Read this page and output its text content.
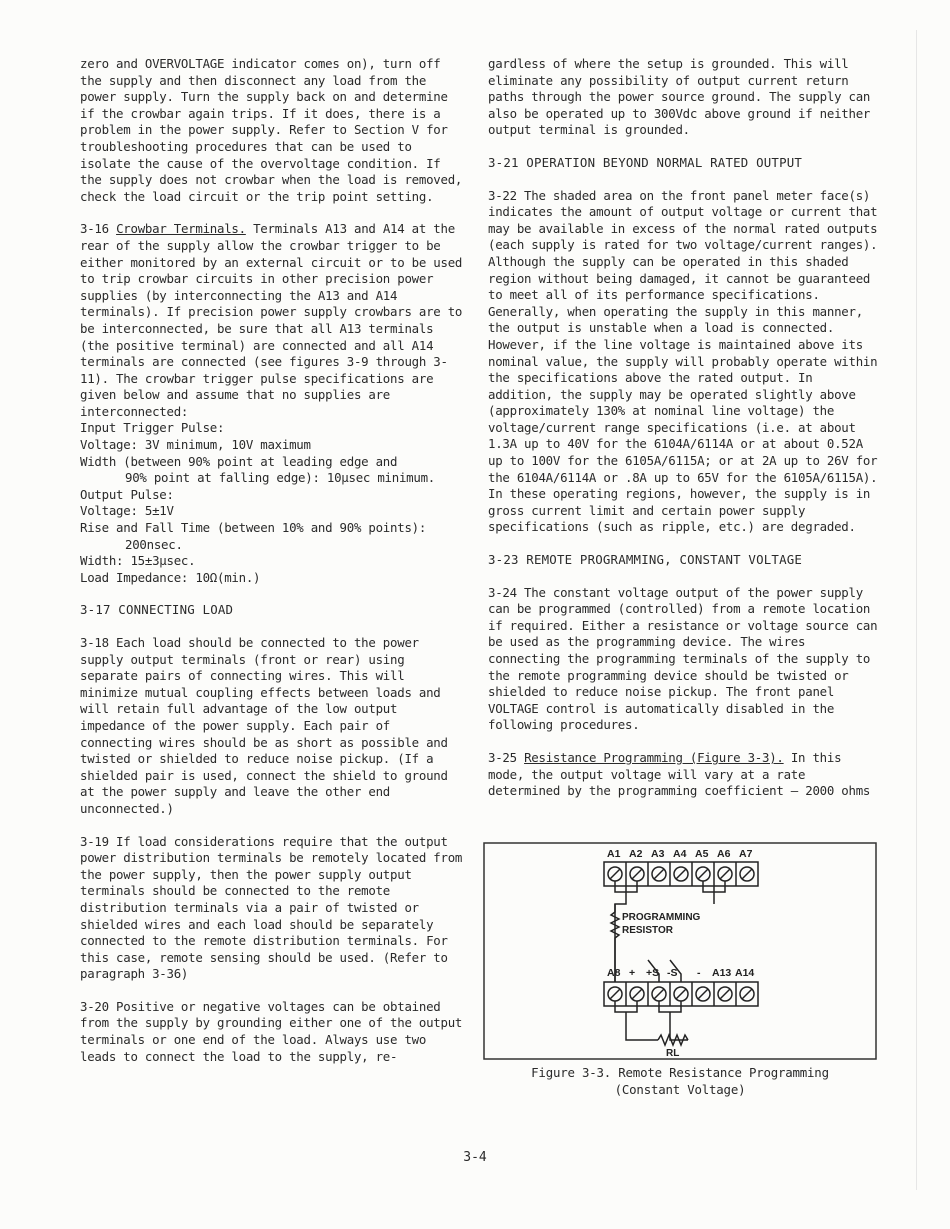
zero and OVERVOLTAGE indicator comes on), turn off the supply and then disconnect any load from the power supply. Turn the supply back on and determine if the crowbar again trips. If it does, there is a problem in the power supply. Refer to Section V for troubleshooting procedures that can be used to isolate the cause of the overvoltage condition. If the supply does not crowbar when the load is removed, check the load circuit or the trip point setting.

3-16 Crowbar Terminals. Terminals A13 and A14 at the rear of the supply allow the crowbar trigger to be either monitored by an external circuit or to be used to trip crowbar circuits in other precision power supplies (by interconnecting the A13 and A14 terminals). If precision power supply crowbars are to be interconnected, be sure that all A13 terminals (the positive terminal) are connected and all A14 terminals are connected (see figures 3-9 through 3-11). The crowbar trigger pulse specifications are given below and assume that no supplies are interconnected:

Input Trigger Pulse:

Voltage: 3V minimum, 10V maximum

Width (between 90% point at leading edge and

90% point at falling edge): 10μsec minimum.

Output Pulse:

Voltage: 5±1V

Rise and Fall Time (between 10% and 90% points):

200nsec.

Width: 15±3μsec.

Load Impedance: 10Ω(min.)

3-17 CONNECTING LOAD

3-18 Each load should be connected to the power supply output terminals (front or rear) using separate pairs of connecting wires. This will minimize mutual coupling effects between loads and will retain full advantage of the low output impedance of the power supply. Each pair of connecting wires should be as short as possible and twisted or shielded to reduce noise pickup. (If a shielded pair is used, connect the shield to ground at the power supply and leave the other end unconnected.)

3-19 If load considerations require that the output power distribution terminals be remotely located from the power supply, then the power supply output terminals should be connected to the remote distribution terminals via a pair of twisted or shielded wires and each load should be separately connected to the remote distribution terminals. For this case, remote sensing should be used. (Refer to paragraph 3-36)

3-20 Positive or negative voltages can be obtained from the supply by grounding either one of the output terminals or one end of the load. Always use two leads to connect the load to the supply, re-

gardless of where the setup is grounded. This will eliminate any possibility of output current return paths through the power source ground. The supply can also be operated up to 300Vdc above ground if neither output terminal is grounded.

3-21 OPERATION BEYOND NORMAL RATED OUTPUT

3-22 The shaded area on the front panel meter face(s) indicates the amount of output voltage or current that may be available in excess of the normal rated outputs (each supply is rated for two voltage/current ranges). Although the supply can be operated in this shaded region without being damaged, it cannot be guaranteed to meet all of its performance specifications. Generally, when operating the supply in this manner, the output is unstable when a load is connected. However, if the line voltage is maintained above its nominal value, the supply will probably operate within the specifications above the rated output. In addition, the supply may be operated slightly above (approximately 130% at nominal line voltage) the voltage/current range specifications (i.e. at about 1.3A up to 40V for the 6104A/6114A or at about 0.52A up to 100V for the 6105A/6115A; or at 2A up to 26V for the 6104A/6114A or .8A up to 65V for the 6105A/6115A). In these operating regions, however, the supply is in gross current limit and certain power supply specifications (such as ripple, etc.) are degraded.

3-23 REMOTE PROGRAMMING, CONSTANT VOLTAGE

3-24 The constant voltage output of the power supply can be programmed (controlled) from a remote location if required. Either a resistance or voltage source can be used as the programming device. The wires connecting the programming terminals of the supply to the remote programming device should be twisted or shielded to reduce noise pickup. The front panel VOLTAGE control is automatically disabled in the following procedures.

3-25 Resistance Programming (Figure 3-3). In this mode, the output voltage will vary at a rate determined by the programming coefficient — 2000 ohms

A1 A2 A3 A4 A5 A6 A7
PROGRAMMING
RESISTOR
A8 + +S -S - A13 A14
RL
Figure 3-3. Remote Resistance Programming
(Constant Voltage)
3-4
